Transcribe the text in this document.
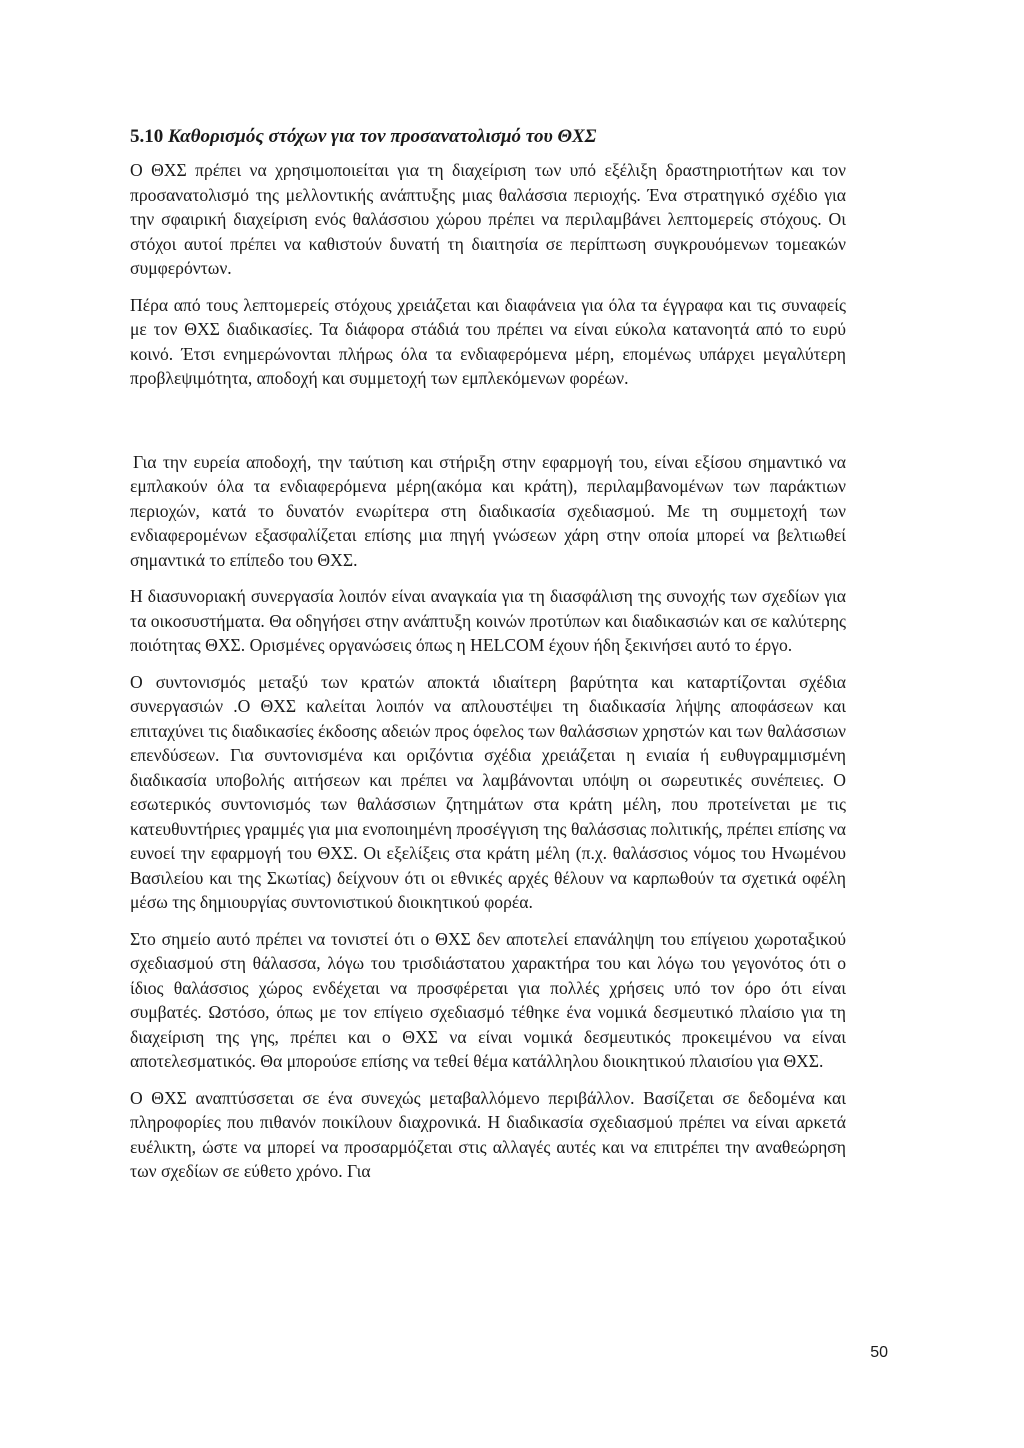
5.10 Καθορισμός στόχων για τον προσανατολισμό του ΘΧΣ

Ο ΘΧΣ πρέπει να χρησιμοποιείται για τη διαχείριση των υπό εξέλιξη δραστηριοτήτων και τον προσανατολισμό της μελλοντικής ανάπτυξης μιας θαλάσσια περιοχής. Ένα στρατηγικό σχέδιο για την σφαιρική διαχείριση ενός θαλάσσιου χώρου πρέπει να περιλαμβάνει λεπτομερείς στόχους. Οι στόχοι αυτοί πρέπει να καθιστούν δυνατή τη διαιτησία σε περίπτωση συγκρουόμενων τομεακών συμφερόντων.

Πέρα από τους λεπτομερείς στόχους χρειάζεται και διαφάνεια για όλα τα έγγραφα και τις συναφείς με τον ΘΧΣ διαδικασίες. Τα διάφορα στάδιά του πρέπει να είναι εύκολα κατανοητά από το ευρύ κοινό. Έτσι ενημερώνονται πλήρως όλα τα ενδιαφερόμενα μέρη, επομένως υπάρχει μεγαλύτερη προβλεψιμότητα, αποδοχή και συμμετοχή των εμπλεκόμενων φορέων.

Για την ευρεία αποδοχή, την ταύτιση και στήριξη στην εφαρμογή του, είναι εξίσου σημαντικό να εμπλακούν όλα τα ενδιαφερόμενα μέρη(ακόμα και κράτη), περιλαμβανομένων των παράκτιων περιοχών, κατά το δυνατόν ενωρίτερα στη διαδικασία σχεδιασμού. Με τη συμμετοχή των ενδιαφερομένων εξασφαλίζεται επίσης μια πηγή γνώσεων χάρη στην οποία μπορεί να βελτιωθεί σημαντικά το επίπεδο του ΘΧΣ.

Η διασυνοριακή συνεργασία λοιπόν είναι αναγκαία για τη διασφάλιση της συνοχής των σχεδίων για τα οικοσυστήματα. Θα οδηγήσει στην ανάπτυξη κοινών προτύπων και διαδικασιών και σε καλύτερης ποιότητας ΘΧΣ. Ορισμένες οργανώσεις όπως η HELCOM έχουν ήδη ξεκινήσει αυτό το έργο.

Ο συντονισμός μεταξύ των κρατών αποκτά ιδιαίτερη βαρύτητα και καταρτίζονται σχέδια συνεργασιών .Ο ΘΧΣ καλείται λοιπόν να απλουστέψει τη διαδικασία λήψης αποφάσεων και επιταχύνει τις διαδικασίες έκδοσης αδειών προς όφελος των θαλάσσιων χρηστών και των θαλάσσιων επενδύσεων. Για συντονισμένα και οριζόντια σχέδια χρειάζεται η ενιαία ή ευθυγραμμισμένη διαδικασία υποβολής αιτήσεων και πρέπει να λαμβάνονται υπόψη οι σωρευτικές συνέπειες. Ο εσωτερικός συντονισμός των θαλάσσιων ζητημάτων στα κράτη μέλη, που προτείνεται με τις κατευθυντήριες γραμμές για μια ενοποιημένη προσέγγιση της θαλάσσιας πολιτικής, πρέπει επίσης να ευνοεί την εφαρμογή του ΘΧΣ. Οι εξελίξεις στα κράτη μέλη (π.χ. θαλάσσιος νόμος του Ηνωμένου Βασιλείου και της Σκωτίας) δείχνουν ότι οι εθνικές αρχές θέλουν να καρπωθούν τα σχετικά οφέλη μέσω της δημιουργίας συντονιστικού διοικητικού φορέα.

Στο σημείο αυτό πρέπει να τονιστεί ότι ο ΘΧΣ δεν αποτελεί επανάληψη του επίγειου χωροταξικού σχεδιασμού στη θάλασσα, λόγω του τρισδιάστατου χαρακτήρα του και λόγω του γεγονότος ότι ο ίδιος θαλάσσιος χώρος ενδέχεται να προσφέρεται για πολλές χρήσεις υπό τον όρο ότι είναι συμβατές. Ωστόσο, όπως με τον επίγειο σχεδιασμό τέθηκε ένα νομικά δεσμευτικό πλαίσιο για τη διαχείριση της γης, πρέπει και ο ΘΧΣ να είναι νομικά δεσμευτικός προκειμένου να είναι αποτελεσματικός. Θα μπορούσε επίσης να τεθεί θέμα κατάλληλου διοικητικού πλαισίου για ΘΧΣ.

Ο ΘΧΣ αναπτύσσεται σε ένα συνεχώς μεταβαλλόμενο περιβάλλον. Βασίζεται σε δεδομένα και πληροφορίες που πιθανόν ποικίλουν διαχρονικά. Η διαδικασία σχεδιασμού πρέπει να είναι αρκετά ευέλικτη, ώστε να μπορεί να προσαρμόζεται στις αλλαγές αυτές και να επιτρέπει την αναθεώρηση των σχεδίων σε εύθετο χρόνο. Για

50
